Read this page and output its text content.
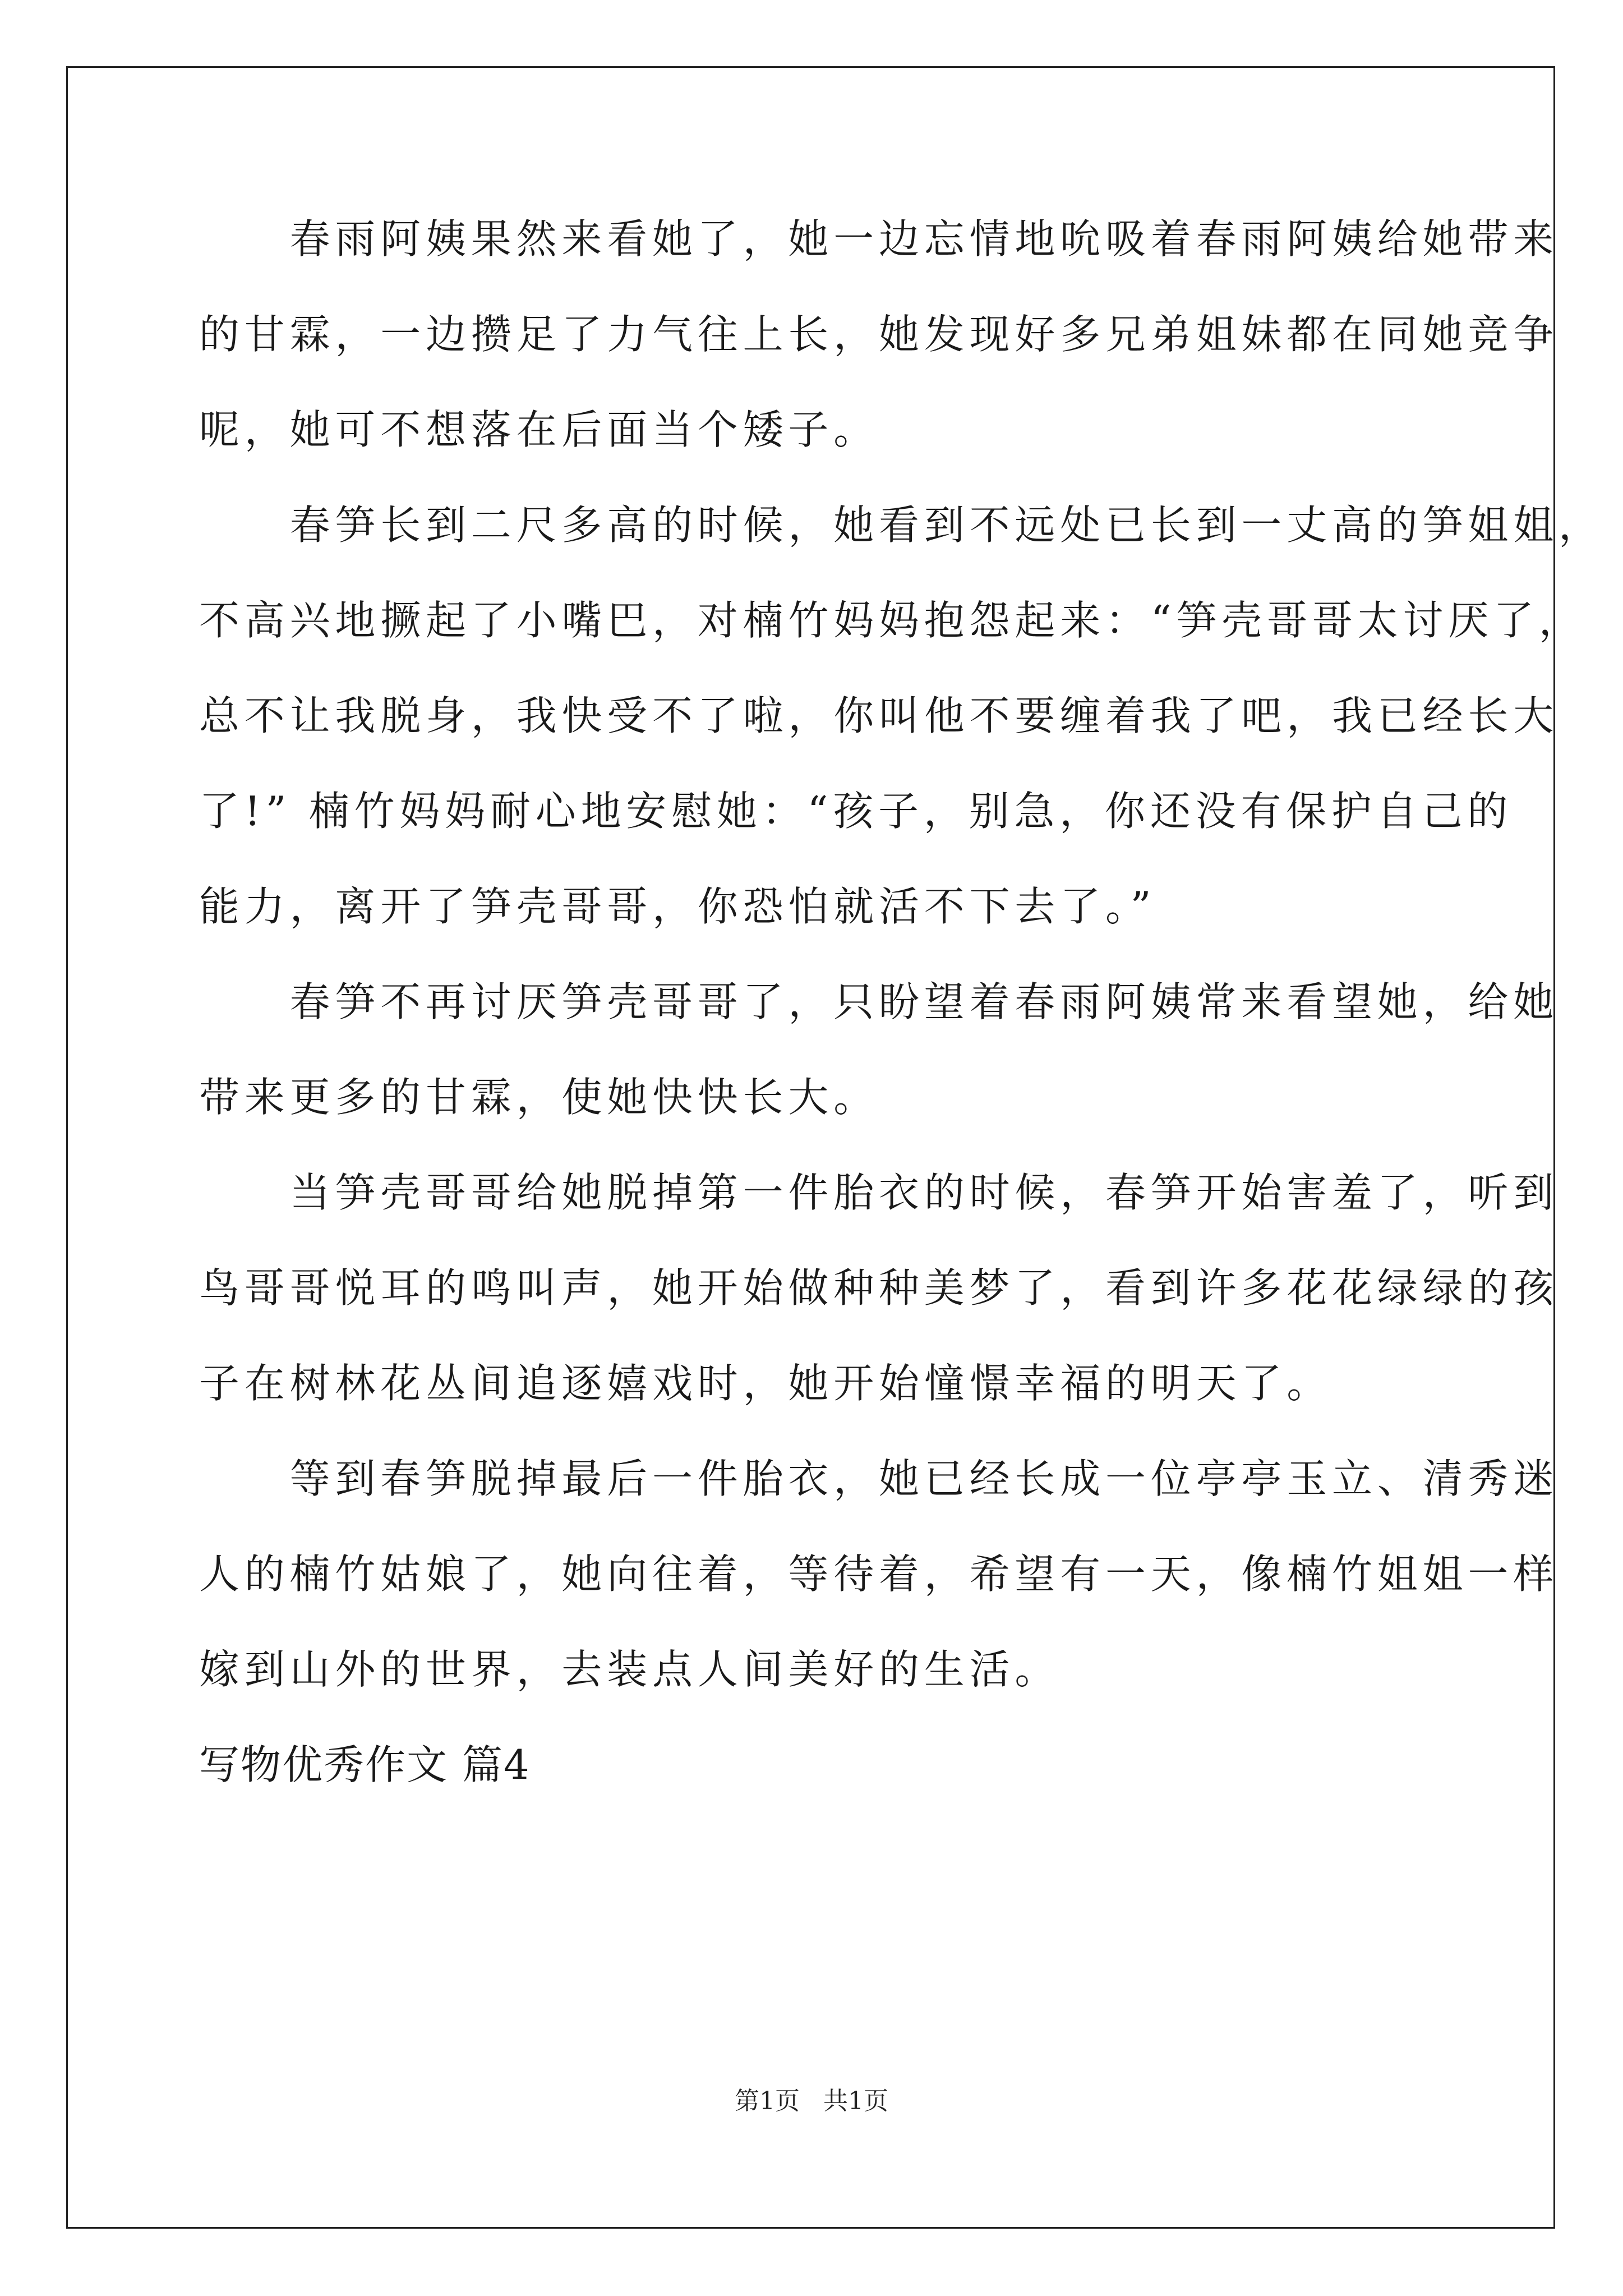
　　春雨阿姨果然来看她了，她一边忘情地吮吸着春雨阿姨给她带来
的甘霖，一边攒足了力气往上长，她发现好多兄弟姐妹都在同她竞争
呢，她可不想落在后面当个矮子。
　　春笋长到二尺多高的时候，她看到不远处已长到一丈高的笋姐姐，
不高兴地撅起了小嘴巴，对楠竹妈妈抱怨起来：“笋壳哥哥太讨厌了，
总不让我脱身，我快受不了啦，你叫他不要缠着我了吧，我已经长大
了!” 楠竹妈妈耐心地安慰她：“孩子，别急，你还没有保护自己的
能力，离开了笋壳哥哥，你恐怕就活不下去了。”
　　春笋不再讨厌笋壳哥哥了，只盼望着春雨阿姨常来看望她，给她
带来更多的甘霖，使她快快长大。
　　当笋壳哥哥给她脱掉第一件胎衣的时候，春笋开始害羞了，听到
鸟哥哥悦耳的鸣叫声，她开始做种种美梦了，看到许多花花绿绿的孩
子在树林花丛间追逐嬉戏时，她开始憧憬幸福的明天了。
　　等到春笋脱掉最后一件胎衣，她已经长成一位亭亭玉立、清秀迷
人的楠竹姑娘了，她向往着，等待着，希望有一天，像楠竹姐姐一样
嫁到山外的世界，去装点人间美好的生活。
写物优秀作文 篇4
第1页   共1页
